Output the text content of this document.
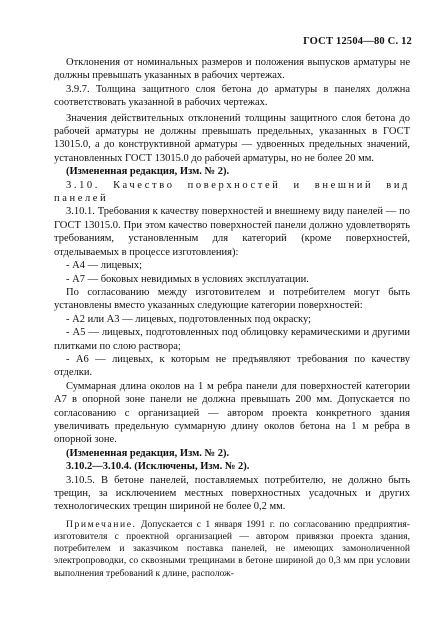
ГОСТ 12504—80 С. 12

Отклонения от номинальных размеров и положения выпусков арматуры не должны превышать указанных в рабочих чертежах.

3.9.7. Толщина защитного слоя бетона до арматуры в панелях должна соответствовать указанной в рабочих чертежах.

Значения действительных отклонений толщины защитного слоя бетона до рабочей арматуры не должны превышать предельных, указанных в ГОСТ 13015.0, а до конструктивной арматуры — удвоенных предельных значений, установленных ГОСТ 13015.0 до рабочей арматуры, но не более 20 мм.

(Измененная редакция, Изм. № 2).

3.10. Качество поверхностей и внешний вид панелей

3.10.1. Требования к качеству поверхностей и внешнему виду панелей — по ГОСТ 13015.0. При этом качество поверхностей панели должно удовлетворять требованиям, установленным для категорий (кроме поверхностей, отделываемых в процессе изготовления):

- А4 — лицевых;

- А7 — боковых невидимых в условиях эксплуатации.

По согласованию между изготовителем и потребителем могут быть установлены вместо указанных следующие категории поверхностей:

- А2 или А3 — лицевых, подготовленных под окраску;

- А5 — лицевых, подготовленных под облицовку керамическими и другими плитками по слою раствора;

- А6 — лицевых, к которым не предъявляют требования по качеству отделки.

Суммарная длина околов на 1 м ребра панели для поверхностей категории А7 в опорной зоне панели не должна превышать 200 мм. Допускается по согласованию с организацией — автором проекта конкретного здания увеличивать предельную суммарную длину околов бетона на 1 м ребра в опорной зоне.

(Измененная редакция, Изм. № 2).

3.10.2—3.10.4. (Исключены, Изм. № 2).

3.10.5. В бетоне панелей, поставляемых потребителю, не должно быть трещин, за исключением местных поверхностных усадочных и других технологических трещин шириной не более 0,2 мм.

Примечание. Допускается с 1 января 1991 г. по согласованию предприятия-изготовителя с проектной организацией — автором привязки проекта здания, потребителем и заказчиком поставка панелей, не имеющих замоноличенной электропроводки, со сквозными трещинами в бетоне шириной до 0,3 мм при условии выполнения требований к длине, располож-
